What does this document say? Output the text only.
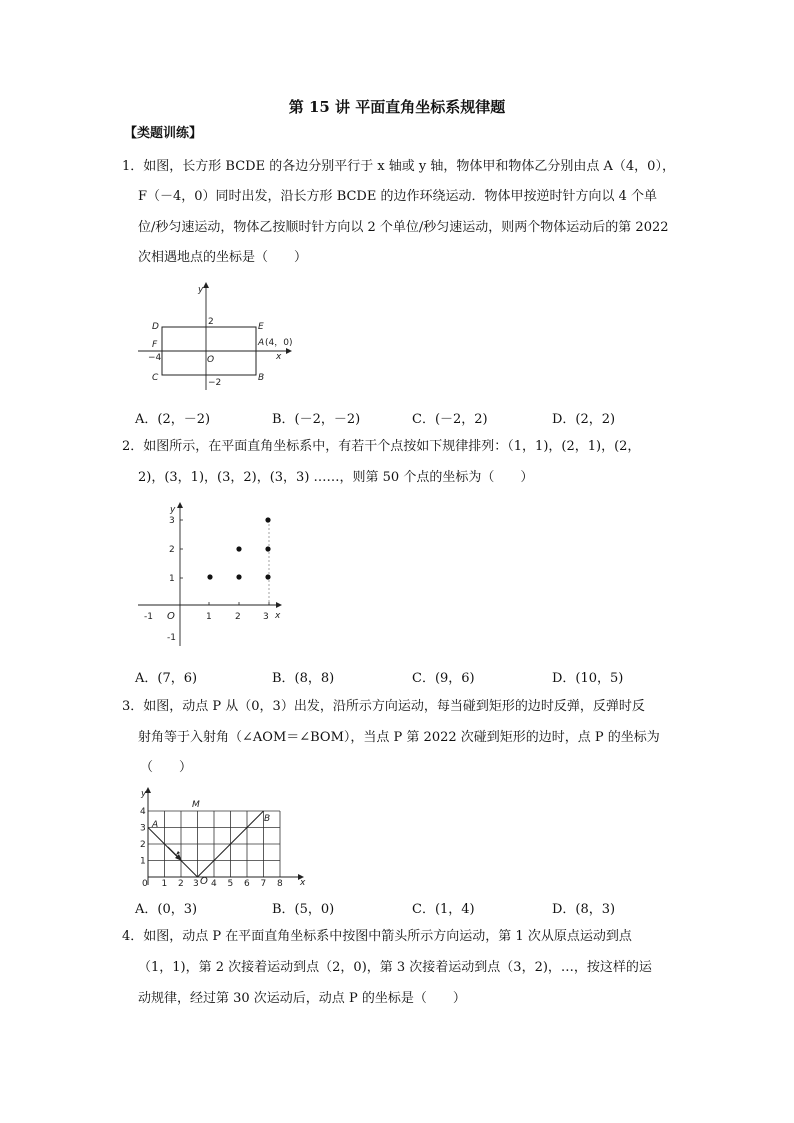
第 15 讲 平面直角坐标系规律题
【类题训练】
1．如图，长方形 BCDE 的各边分别平行于 x 轴或 y 轴，物体甲和物体乙分别由点 A（4，0），
F（－4，0）同时出发，沿长方形 BCDE 的边作环绕运动．物体甲按逆时针方向以 4 个单
位/秒匀速运动，物体乙按顺时针方向以 2 个单位/秒匀速运动，则两个物体运动后的第 2022
次相遇地点的坐标是（　　）
y
x
O
D	E
F	A (4，0)
C	B
2
−4
−2
A．(2，－2)	B．(－2，－2)	C．(－2，2)	D．(2，2)
2．如图所示，在平面直角坐标系中，有若干个点按如下规律排列：（1，1)，(2，1)，(2，
2)，(3，1)，(3，2)，(3，3) ……，则第 50 个点的坐标为（　　）
y
x
O
-1	1	2 3
3
2
1
-1
A．(7，6)	B．(8，8)	C．(9，6)	D．(10，5)
3．如图，动点 P 从（0，3）出发，沿所示方向运动，每当碰到矩形的边时反弹，反弹时反
射角等于入射角（∠AOM＝∠BOM），当点 P 第 2022 次碰到矩形的边时，点 P 的坐标为
（　　）
y
x
M
A
B
O
0 1 2 3 4 5 6 7 8
4
3
2
1
A．(0，3)	B．(5，0)	C．(1，4)	D．(8，3)
4．如图，动点 P 在平面直角坐标系中按图中箭头所示方向运动，第 1 次从原点运动到点
（1，1)，第 2 次接着运动到点（2，0)，第 3 次接着运动到点（3，2)，…，按这样的运
动规律，经过第 30 次运动后，动点 P 的坐标是（　　）
